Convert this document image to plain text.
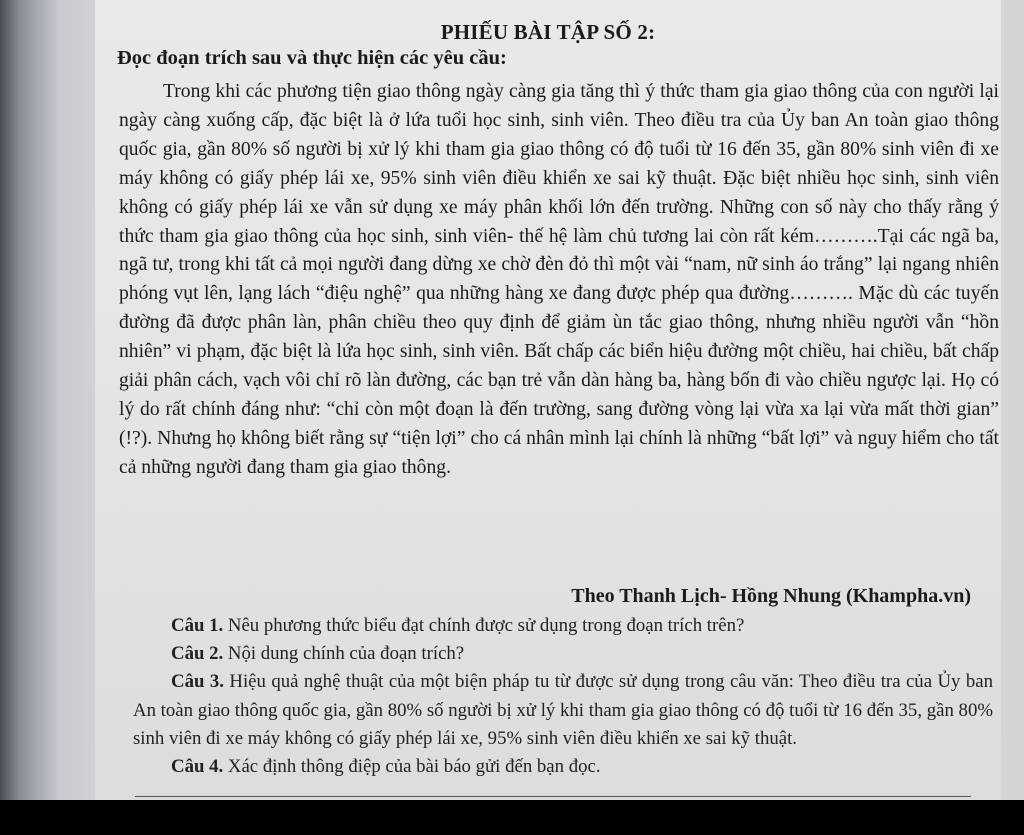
PHIẾU BÀI TẬP SỐ 2:
Đọc đoạn trích sau và thực hiện các yêu cầu:

Trong khi các phương tiện giao thông ngày càng gia tăng thì ý thức tham gia giao thông của con người lại ngày càng xuống cấp, đặc biệt là ở lứa tuổi học sinh, sinh viên. Theo điều tra của Ủy ban An toàn giao thông quốc gia, gần 80% số người bị xử lý khi tham gia giao thông có độ tuổi từ 16 đến 35, gần 80% sinh viên đi xe máy không có giấy phép lái xe, 95% sinh viên điều khiển xe sai kỹ thuật. Đặc biệt nhiều học sinh, sinh viên không có giấy phép lái xe vẫn sử dụng xe máy phân khối lớn đến trường. Những con số này cho thấy rằng ý thức tham gia giao thông của học sinh, sinh viên- thế hệ làm chủ tương lai còn rất kém……….Tại các ngã ba, ngã tư, trong khi tất cả mọi người đang dừng xe chờ đèn đỏ thì một vài “nam, nữ sinh áo trắng” lại ngang nhiên phóng vụt lên, lạng lách “điệu nghệ” qua những hàng xe đang được phép qua đường………. Mặc dù các tuyến đường đã được phân làn, phân chiều theo quy định để giảm ùn tắc giao thông, nhưng nhiều người vẫn “hồn nhiên” vi phạm, đặc biệt là lứa học sinh, sinh viên. Bất chấp các biển hiệu đường một chiều, hai chiều, bất chấp giải phân cách, vạch vôi chỉ rõ làn đường, các bạn trẻ vẫn dàn hàng ba, hàng bốn đi vào chiều ngược lại. Họ có lý do rất chính đáng như: “chỉ còn một đoạn là đến trường, sang đường vòng lại vừa xa lại vừa mất thời gian” (!?). Nhưng họ không biết rằng sự “tiện lợi” cho cá nhân mình lại chính là những “bất lợi” và nguy hiểm cho tất cả những người đang tham gia giao thông.

Theo Thanh Lịch- Hồng Nhung (Khampha.vn)

Câu 1. Nêu phương thức biểu đạt chính được sử dụng trong đoạn trích trên?

Câu 2. Nội dung chính của đoạn trích?

Câu 3. Hiệu quả nghệ thuật của một biện pháp tu từ được sử dụng trong câu văn: Theo điều tra của Ủy ban An toàn giao thông quốc gia, gần 80% số người bị xử lý khi tham gia giao thông có độ tuổi từ 16 đến 35, gần 80% sinh viên đi xe máy không có giấy phép lái xe, 95% sinh viên điều khiển xe sai kỹ thuật.

Câu 4. Xác định thông điệp của bài báo gửi đến bạn đọc.
